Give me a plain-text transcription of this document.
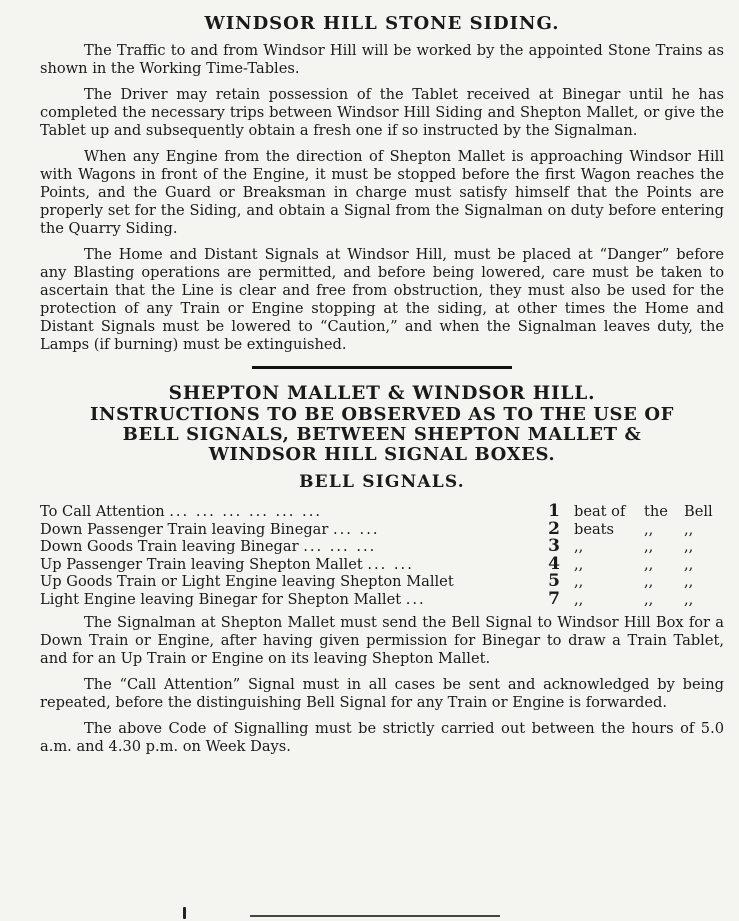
WINDSOR HILL STONE SIDING.

The Traffic to and from Windsor Hill will be worked by the appointed Stone Trains as shown in the Working Time-Tables.

The Driver may retain possession of the Tablet received at Binegar until he has completed the necessary trips between Windsor Hill Siding and Shepton Mallet, or give the Tablet up and subsequently obtain a fresh one if so instructed by the Signalman.

When any Engine from the direction of Shepton Mallet is approaching Windsor Hill with Wagons in front of the Engine, it must be stopped before the first Wagon reaches the Points, and the Guard or Breaksman in charge must satisfy himself that the Points are properly set for the Siding, and obtain a Signal from the Signalman on duty before entering the Quarry Siding.

The Home and Distant Signals at Windsor Hill, must be placed at “Danger” before any Blasting operations are permitted, and before being lowered, care must be taken to ascertain that the Line is clear and free from obstruction, they must also be used for the protection of any Train or Engine stopping at the siding, at other times the Home and Distant Signals must be lowered to “Caution,” and when the Signalman leaves duty, the Lamps (if burning) must be extinguished.

SHEPTON MALLET & WINDSOR HILL.
INSTRUCTIONS TO BE OBSERVED AS TO THE USE OF
BELL SIGNALS, BETWEEN SHEPTON MALLET &
WINDSOR HILL SIGNAL BOXES.
BELL SIGNALS.
To Call Attention ... ... ... ... ... ...	1 beat of	the	Bell
Down Passenger Train leaving Binegar ... ...	2 beats	,,	,,
Down Goods Train leaving Binegar ... ... ...	3 ,,	,,	,,
Up Passenger Train leaving Shepton Mallet ... ...	4 ,,	,,	,,
Up Goods Train or Light Engine leaving Shepton Mallet	5 ,,	,,	,,
Light Engine leaving Binegar for Shepton Mallet ...	7 ,,	,,	,,

The Signalman at Shepton Mallet must send the Bell Signal to Windsor Hill Box for a Down Train or Engine, after having given permission for Binegar to draw a Train Tablet, and for an Up Train or Engine on its leaving Shepton Mallet.

The “Call Attention” Signal must in all cases be sent and acknowledged by being repeated, before the distinguishing Bell Signal for any Train or Engine is forwarded.

The above Code of Signalling must be strictly carried out between the hours of 5.0 a.m. and 4.30 p.m. on Week Days.
